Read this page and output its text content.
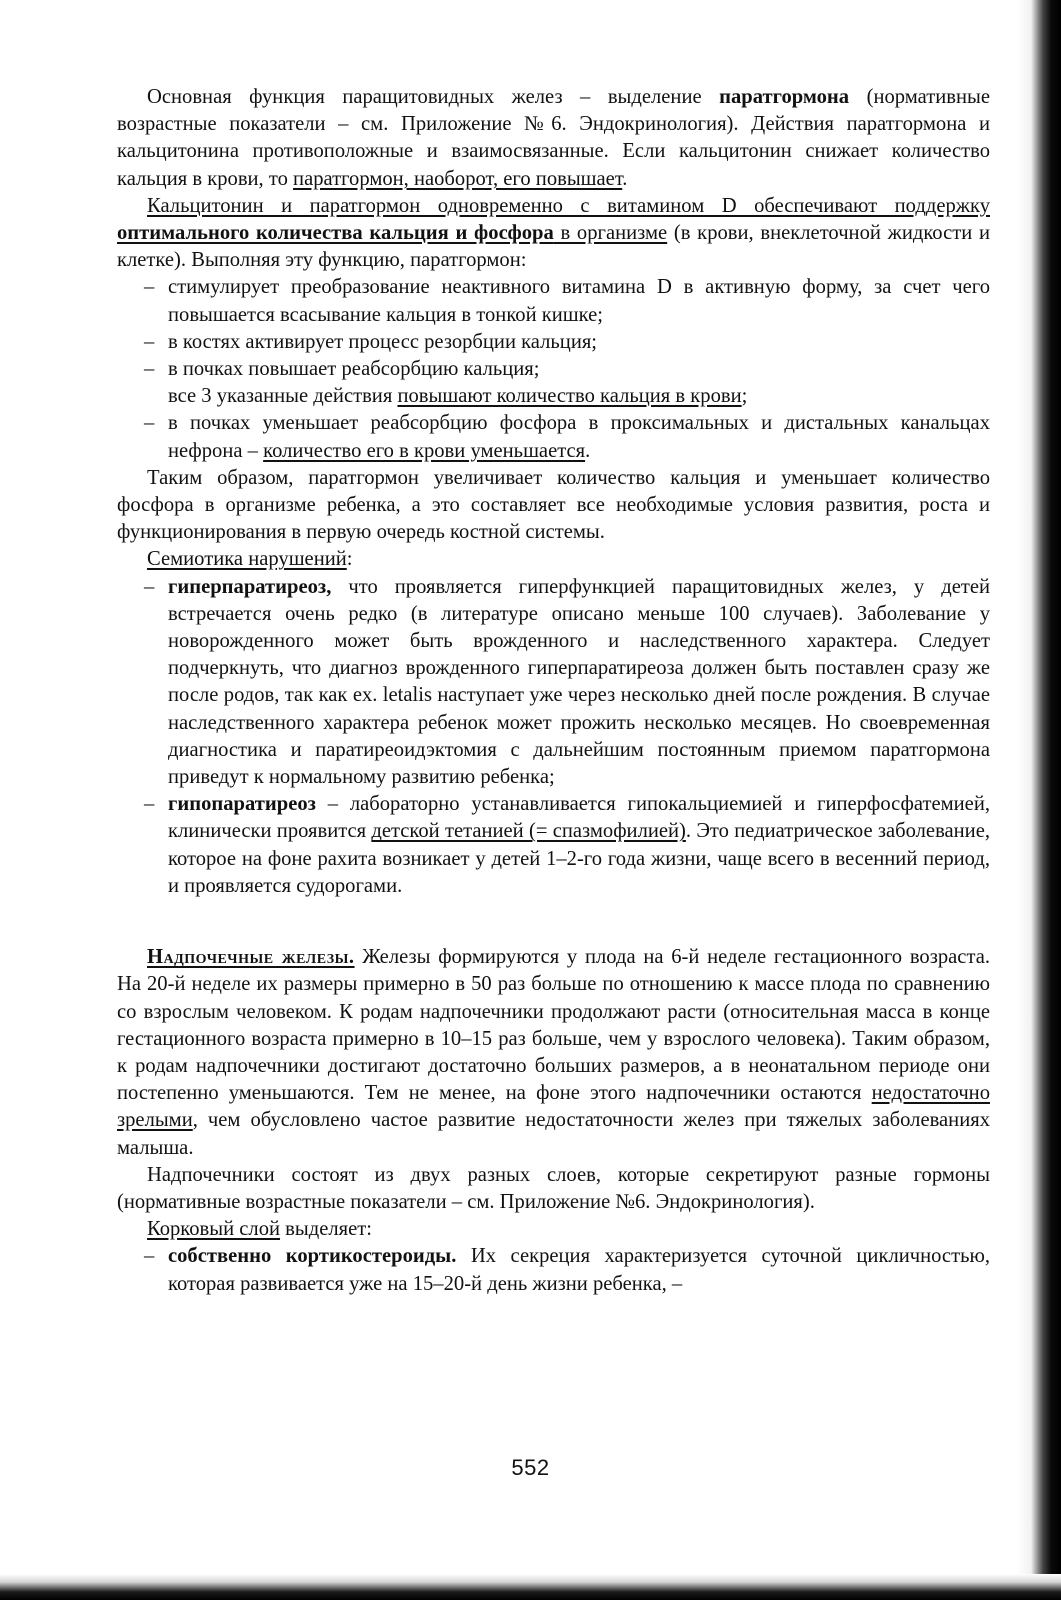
Основная функция паращитовидных желез – выделение паратгормона (нормативные возрастные показатели – см. Приложение №6. Эндокринология). Действия паратгормона и кальцитонина противоположные и взаимосвязанные. Если кальцитонин снижает количество кальция в крови, то паратгормон, наоборот, его повышает.

Кальцитонин и паратгормон одновременно с витамином D обеспечивают поддержку оптимального количества кальция и фосфора в организме (в крови, внеклеточной жидкости и клетке). Выполняя эту функцию, паратгормон:

– стимулирует преобразование неактивного витамина D в активную форму, за счет чего повышается всасывание кальция в тонкой кишке;
– в костях активирует процесс резорбции кальция;
– в почках повышает реабсорбцию кальция;

все 3 указанные действия повышают количество кальция в крови;

– в почках уменьшает реабсорбцию фосфора в проксимальных и дистальных канальцах нефрона – количество его в крови уменьшается.

Таким образом, паратгормон увеличивает количество кальция и уменьшает количество фосфора в организме ребенка, а это составляет все необходимые условия развития, роста и функционирования в первую очередь костной системы.

Семиотика нарушений:

– гиперпаратиреоз, что проявляется гиперфункцией паращитовидных желез, у детей встречается очень редко (в литературе описано меньше 100 случаев). Заболевание у новорожденного может быть врожденного и наследственного характера. Следует подчеркнуть, что диагноз врожденного гиперпаратиреоза должен быть поставлен сразу же после родов, так как ex. letalis наступает уже через несколько дней после рождения. В случае наследственного характера ребенок может прожить несколько месяцев. Но своевременная диагностика и паратиреоидэктомия с дальнейшим постоянным приемом паратгормона приведут к нормальному развитию ребенка;
– гипопаратиреоз – лабораторно устанавливается гипокальциемией и гиперфосфатемией, клинически проявится детской тетанией (= спазмофилией). Это педиатрическое заболевание, которое на фоне рахита возникает у детей 1–2-го года жизни, чаще всего в весенний период, и проявляется судорогами.

Надпочечные железы. Железы формируются у плода на 6-й неделе гестационного возраста. На 20-й неделе их размеры примерно в 50 раз больше по отношению к массе плода по сравнению со взрослым человеком. К родам надпочечники продолжают расти (относительная масса в конце гестационного возраста примерно в 10–15 раз больше, чем у взрослого человека). Таким образом, к родам надпочечники достигают достаточно больших размеров, а в неонатальном периоде они постепенно уменьшаются. Тем не менее, на фоне этого надпочечники остаются недостаточно зрелыми, чем обусловлено частое развитие недостаточности желез при тяжелых заболеваниях малыша.

Надпочечники состоят из двух разных слоев, которые секретируют разные гормоны (нормативные возрастные показатели – см. Приложение №6. Эндокринология).

Корковый слой выделяет:

– собственно кортикостероиды. Их секреция характеризуется суточной цикличностью, которая развивается уже на 15–20-й день жизни ребенка, –
552
